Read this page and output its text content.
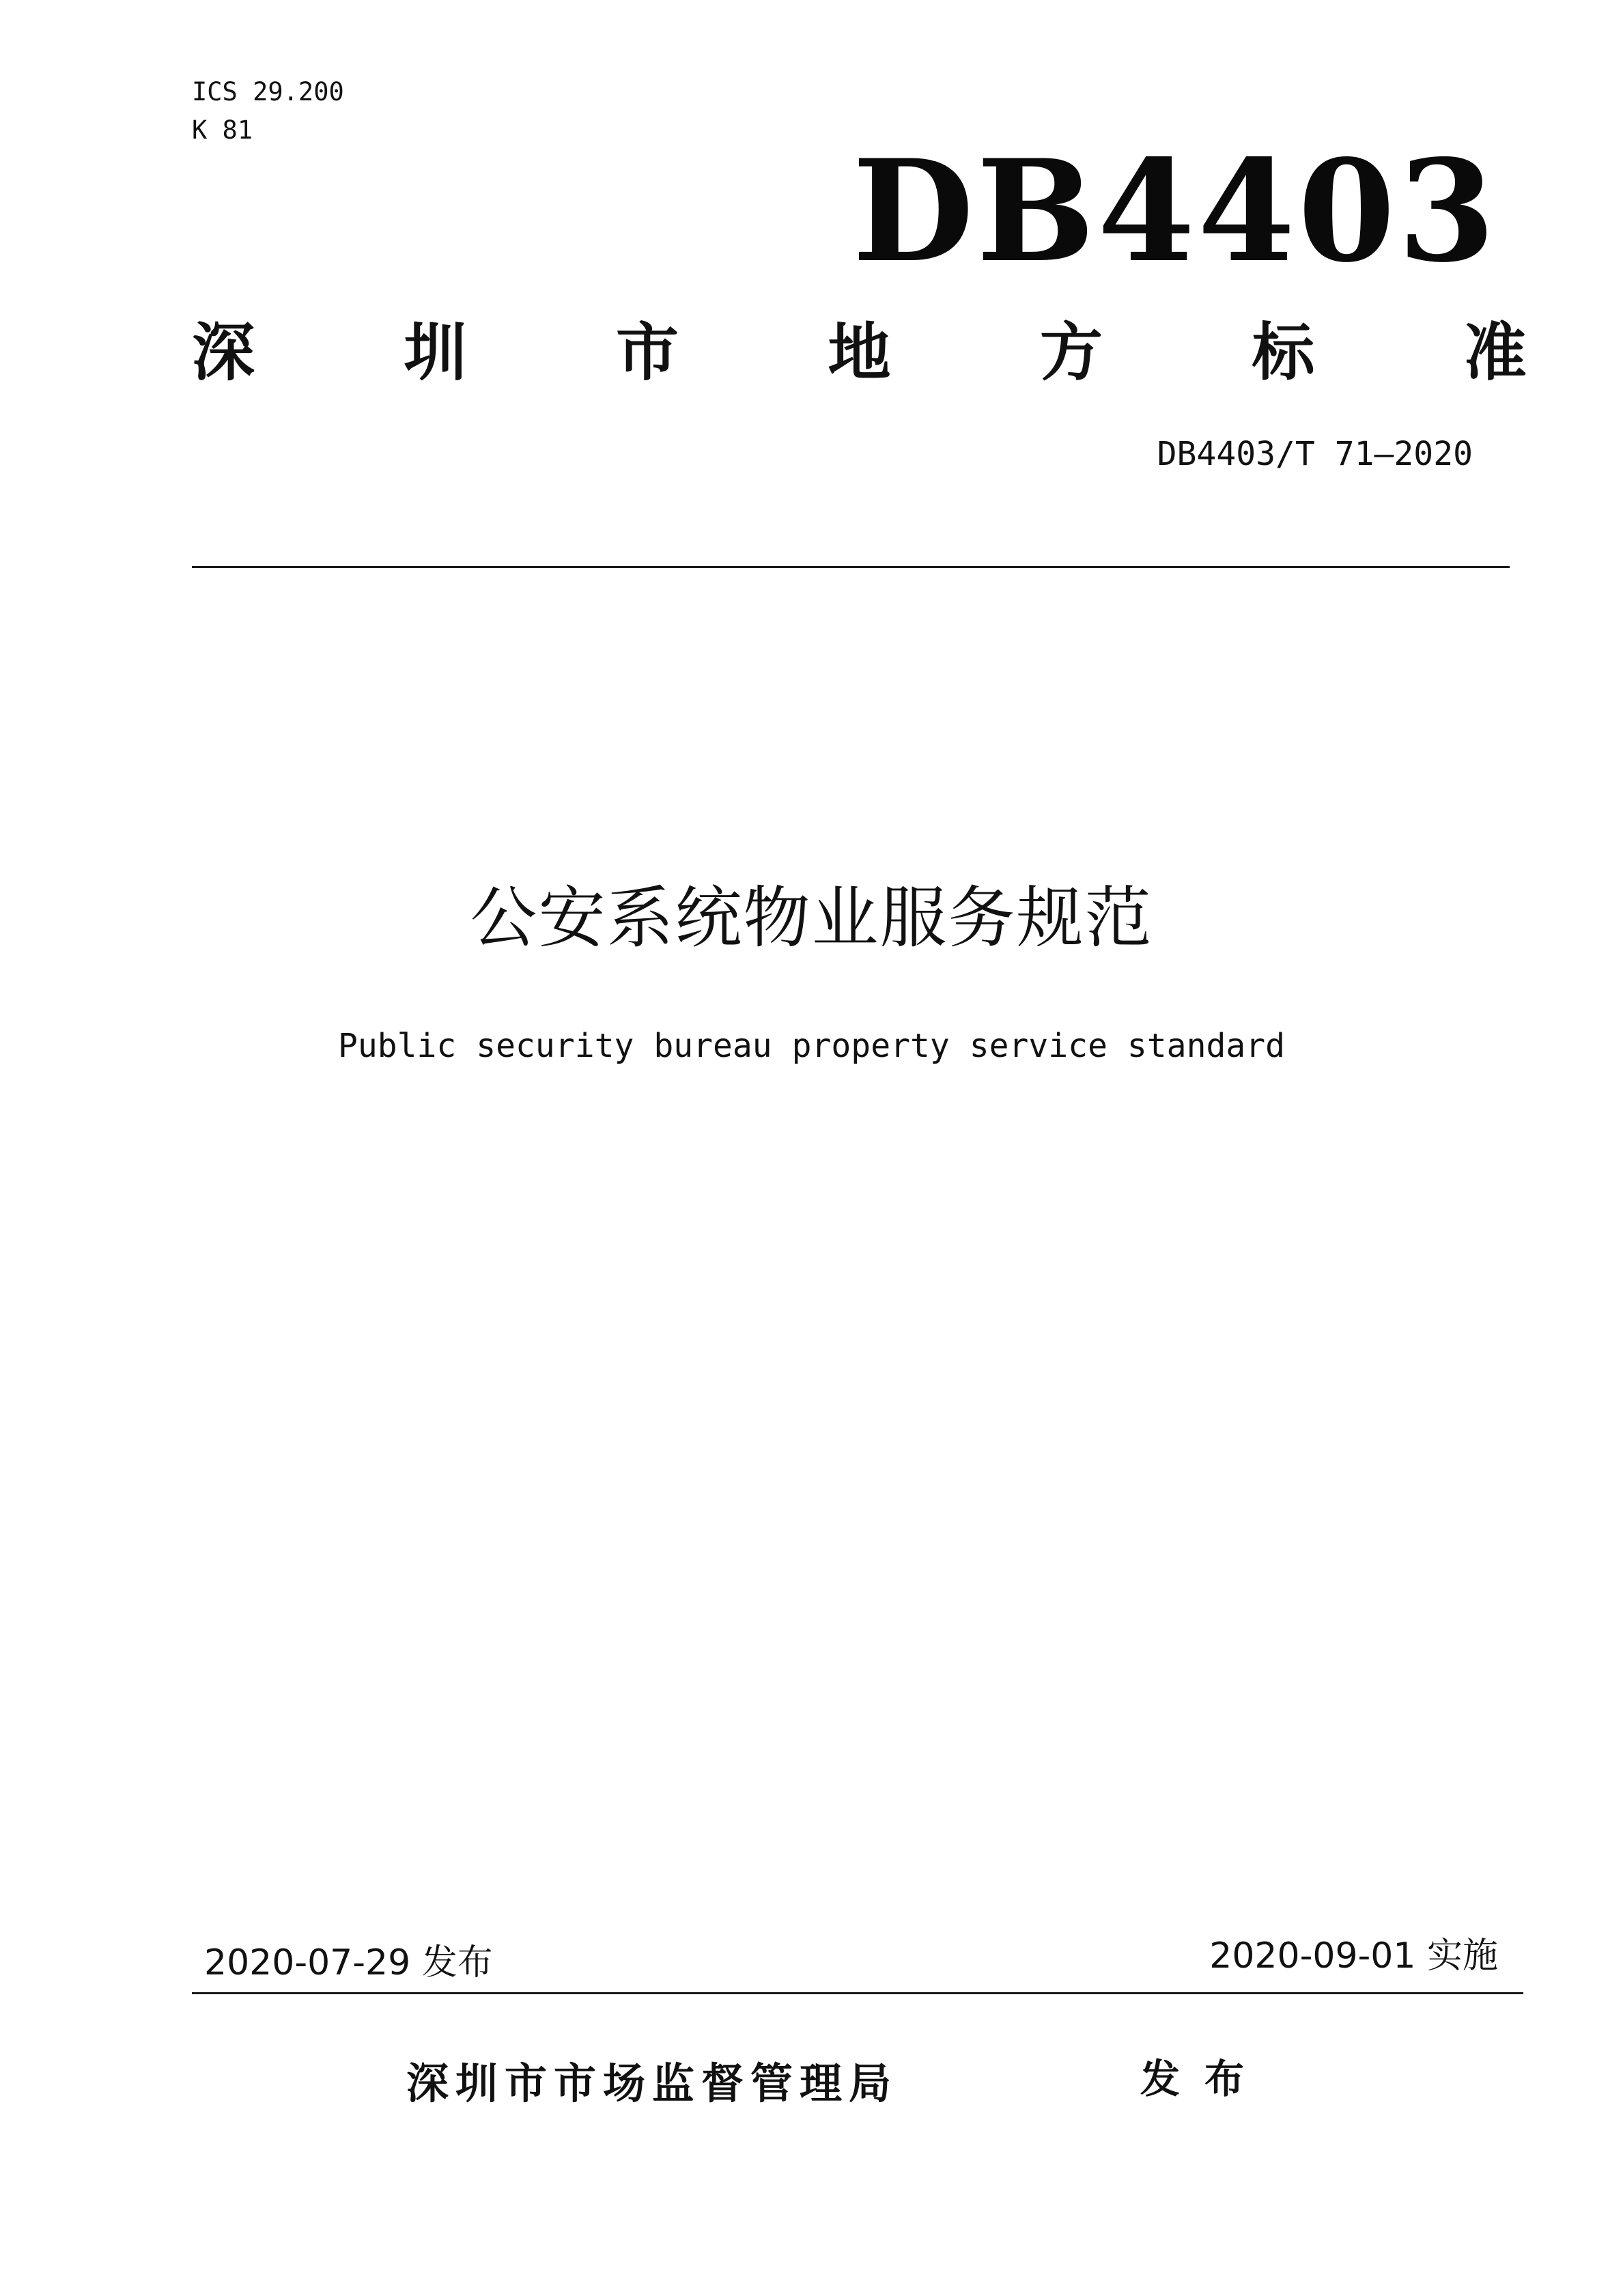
ICS 29.200
K 81	DB4403
深 圳 市 地 方 标 准
DB4403/T 71—2020
公安系统物业服务规范
Public security bureau property service standard
2020-07-29 发布	2020-09-01 实施
深圳市市场监督管理局	发布
